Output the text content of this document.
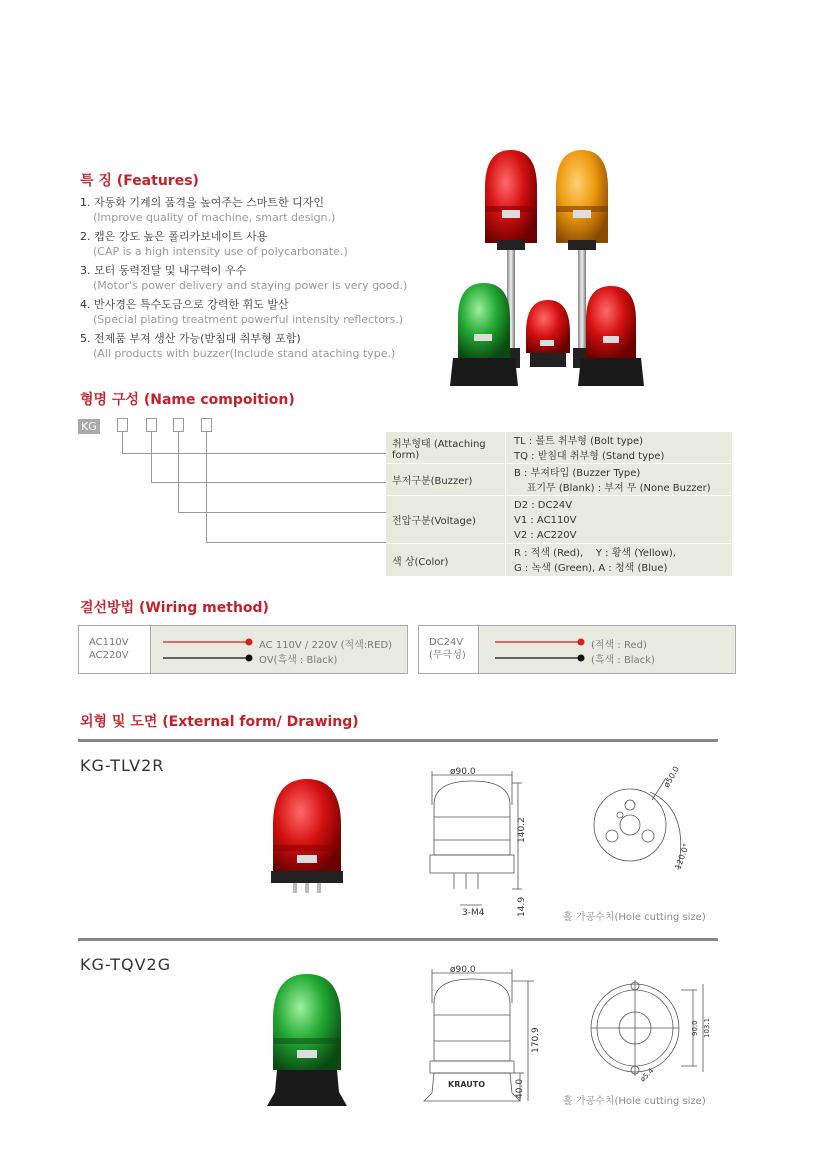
특 징 (Features)
1. 자동화 기계의 품격을 높여주는 스마트한 디자인
(Improve quality of machine, smart design.)
2. 캡은 강도 높은 폴리카보네이트 사용
(CAP is a high intensity use of polycarbonate.)
3. 모터 동력전달 및 내구력이 우수
(Motor's power delivery and staying power is very good.)
4. 반사경은 특수도금으로 강력한 휘도 발산
(Special plating treatment powerful intensity reflectors.)
5. 전제품 부져 생산 가능(받침대 취부형 포함)
(All products with buzzer(Include stand ataching type.)
형명 구성 (Name compoition)
KG
취부형태 (Attaching form)
TL : 볼트 취부형 (Bolt type)
TQ : 받침대 취부형 (Stand type)
부저구분(Buzzer)
B : 부져타입 (Buzzer Type)
표기무 (Blank) : 부져 무 (None Buzzer)
전압구분(Voltage)
D2 : DC24V
V1 : AC110V
V2 : AC220V
색 상(Color)
R : 적색 (Red),    Y : 황색 (Yellow),
G : 녹색 (Green), A : 청색 (Blue)
결선방법 (Wiring method)
AC110V
AC220V
AC 110V / 220V (적색:RED)
OV(흑색 : Black)
DC24V
(무극성)
(적색 : Red)
(흑색 : Black)
외형 및 도면 (External form/ Drawing)
KG-TLV2R	ø90.0
140.2
14.9
3-M4
ø50.0
120.0°
홀 가공수치(Hole cutting size)
KG-TQV2G	ø90.0
170.9
40.0
KRAUTO
90.0 103.1
ø5.4
홀 가공수치(Hole cutting size)
